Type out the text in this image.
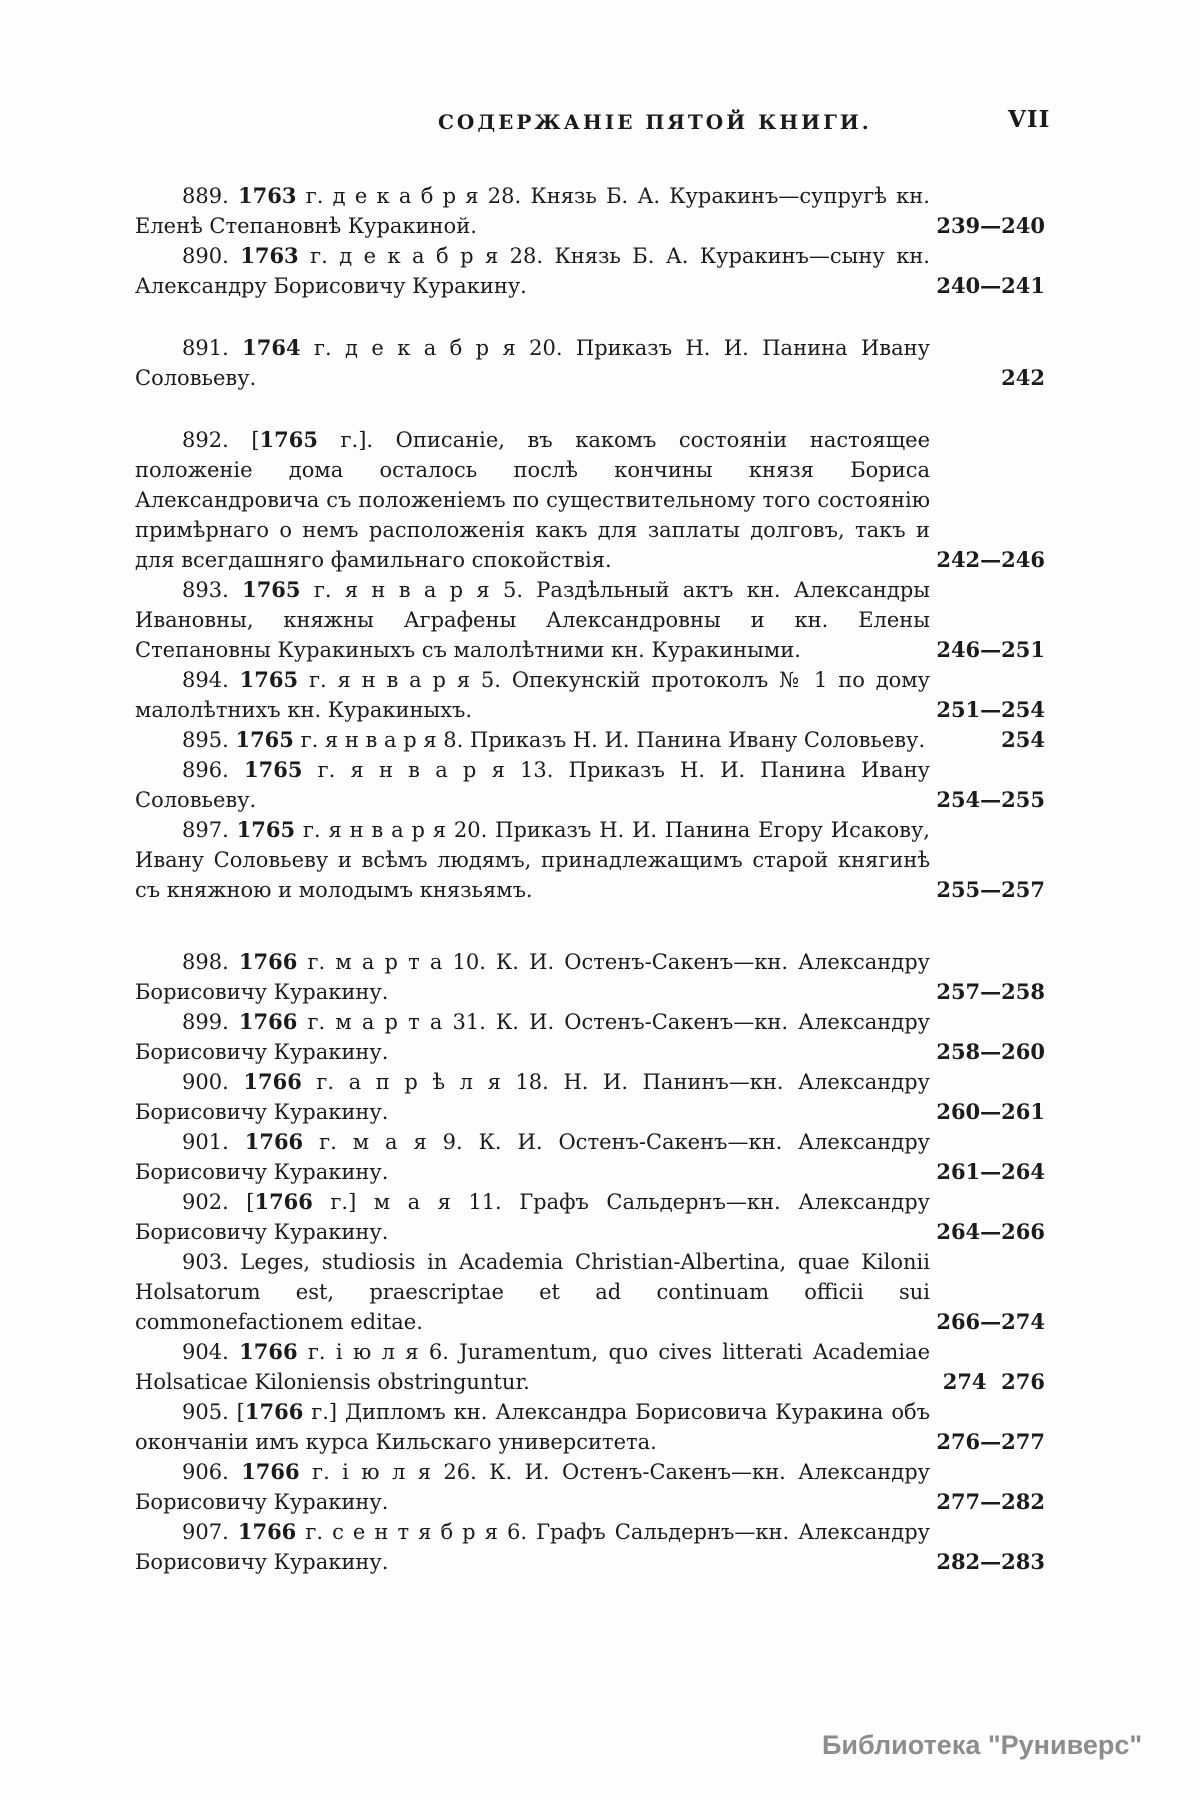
СОДЕРЖАНІЕ ПЯТОЙ КНИГИ.	VII

889. 1763 г. д е к а б р я 28. Князь Б. А. Куракинъ—супругѣ кн. Еленѣ Степановнѣ Куракиной.	239—240

890. 1763 г. д е к а б р я 28. Князь Б. А. Куракинъ—сыну кн. Александру Борисовичу Куракину.	240—241

891. 1764 г. д е к а б р я 20. Приказъ Н. И. Панина Ивану Соловьеву.	242

892. [1765 г.]. Описаніе, въ какомъ состояніи настоящее положеніе дома осталось послѣ кончины князя Бориса Александровича съ положеніемъ по существительному того состоянію примѣрнаго о немъ расположенія какъ для заплаты долговъ, такъ и для всегдашняго фамильнаго спокойствія.	242—246

893. 1765 г. я н в а р я 5. Раздѣльный актъ кн. Александры Ивановны, княжны Аграфены Александровны и кн. Елены Степановны Куракиныхъ съ малолѣтними кн. Куракиными.	246—251

894. 1765 г. я н в а р я 5. Опекунскій протоколъ № 1 по дому малолѣтнихъ кн. Куракиныхъ.	251—254

895. 1765 г. я н в а р я 8. Приказъ Н. И. Панина Ивану Соловьеву.	254

896. 1765 г. я н в а р я 13. Приказъ Н. И. Панина Ивану Соловьеву.	254—255

897. 1765 г. я н в а р я 20. Приказъ Н. И. Панина Егору Исакову, Ивану Соловьеву и всѣмъ людямъ, принадлежащимъ старой княгинѣ съ княжною и молодымъ князьямъ.	255—257

898. 1766 г. м а р т а 10. К. И. Остенъ-Сакенъ—кн. Александру Борисовичу Куракину.	257—258

899. 1766 г. м а р т а 31. К. И. Остенъ-Сакенъ—кн. Александру Борисовичу Куракину.	258—260

900. 1766 г. а п р ѣ л я 18. Н. И. Панинъ—кн. Александру Борисовичу Куракину.	260—261

901. 1766 г. м а я 9. К. И. Остенъ-Сакенъ—кн. Александру Борисовичу Куракину.	261—264

902. [1766 г.] м а я 11. Графъ Сальдернъ—кн. Александру Борисовичу Куракину.	264—266

903. Leges, studiosis in Academia Christian-Albertina, quae Kilonii Holsatorum est, praescriptae et ad continuam officii sui commonefactionem editae.	266—274

904. 1766 г. і ю л я 6. Juramentum, quo cives litterati Academiae Holsaticae Kiloniensis obstringuntur.	274  276

905. [1766 г.] Дипломъ кн. Александра Борисовича Куракина объ окончаніи имъ курса Кильскаго университета.	276—277

906. 1766 г. і ю л я 26. К. И. Остенъ-Сакенъ—кн. Александру Борисовичу Куракину.	277—282

907. 1766 г. с е н т я б р я 6. Графъ Сальдернъ—кн. Александру Борисовичу Куракину.	282—283
Библиотека "Руниверс"
